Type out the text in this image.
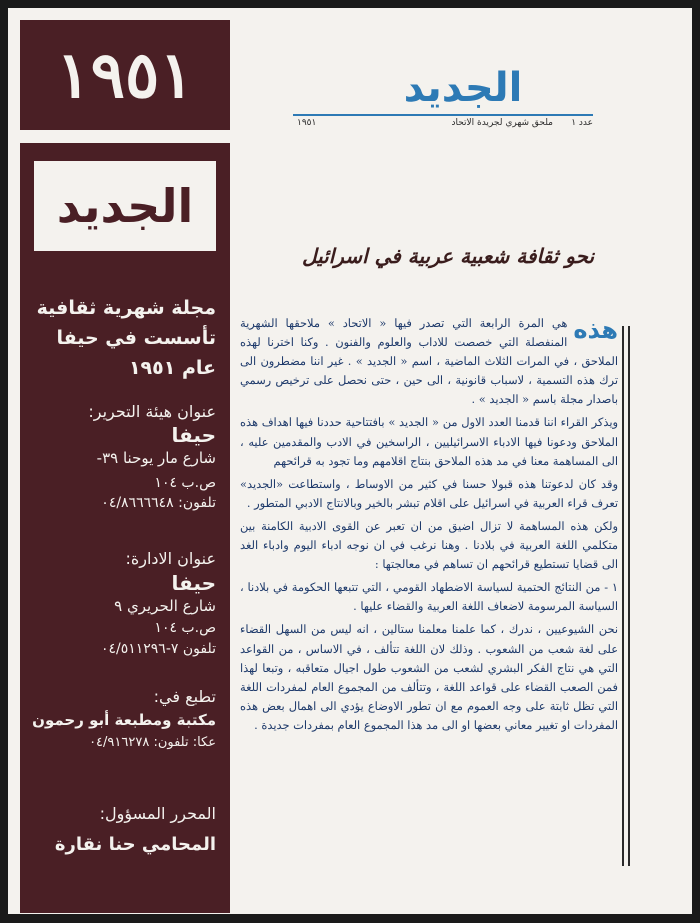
١٩٥١
الجديد
مجلة شهرية ثقافية
تأسست في حيفا عام ١٩٥١
عنوان هيئة التحرير:
حيفا
شارع مار يوحنا ٣٩-
ص.ب ١٠٤
تلفون: ٠٤/٨٦٦٦٦٤٨
عنوان الادارة:
حيفا
شارع الحريري ٩
ص.ب ١٠٤
تلفون ٧-٠٤/٥١١٢٩٦
تطبع في:
مكتبة ومطبعة أبو رحمون
عكا: تلفون: ٠٤/٩١٦٢٧٨
المحرر المسؤول:
المحامي حنا نقارة
الجديد
عدد ١
ملحق شهري لجريدة الاتحاد
١٩٥١
نحو ثقافة شعبية عربية في اسرائيل

هذه
هي المرة الرابعة التي تصدر فيها « الاتحاد » ملاحقها الشهرية المنفصلة التي خصصت للاداب والعلوم والفنون . وكنا اخترنا لهذه الملاحق ، في المرات الثلاث الماضية ، اسم « الجديد » . غير اننا مضطرون الى ترك هذه التسمية ، لاسباب قانونية ، الى حين ، حتى نحصل على ترخيص رسمي باصدار مجلة باسم « الجديد » .

ويذكر القراء اننا قدمنا العدد الاول من « الجديد » بافتتاحية حددنا فيها اهداف هذه الملاحق ودعونا فيها الادباء الاسرائيليين ، الراسخين في الادب والمقدمين عليه ، الى المساهمة معنا في مد هذه الملاحق بنتاج اقلامهم وما تجود به قرائحهم

وقد كان لدعوتنا هذه قبولا حسنا في كثير من الاوساط ، واستطاعت «الجديد» تعرف قراء العربية في اسرائيل على اقلام تبشر بالخير وبالانتاج الادبي المتطور .

ولكن هذه المساهمة لا تزال اضيق من ان تعبر عن القوى الادبية الكامنة بين متكلمي اللغة العربية في بلادنا . وهنا نرغب في ان نوجه ادباء اليوم وادباء الغد الى قضايا تستطيع قرائحهم ان تساهم في معالجتها :

١ - من النتائج الحتمية لسياسة الاضطهاد القومي ، التي تتبعها الحكومة في بلادنا ، السياسة المرسومة لاضعاف اللغة العربية والقضاء عليها .

نحن الشيوعيين ، ندرك ، كما علمنا معلمنا ستالين ، انه ليس من السهل القضاء على لغة شعب من الشعوب . وذلك لان اللغة تتألف ، في الاساس ، من القواعد التي هي نتاج الفكر البشري لشعب من الشعوب طول اجيال متعاقبه ، وتبعا لهذا فمن الصعب القضاء على قواعد اللغة ، وتتألف من المجموع العام لمفردات اللغة التي تظل ثابتة على وجه العموم مع ان تطور الاوضاع يؤدي الى اهمال بعض هذه المفردات او تغيير معاني بعضها او الى مد هذا المجموع العام بمفردات جديدة .
